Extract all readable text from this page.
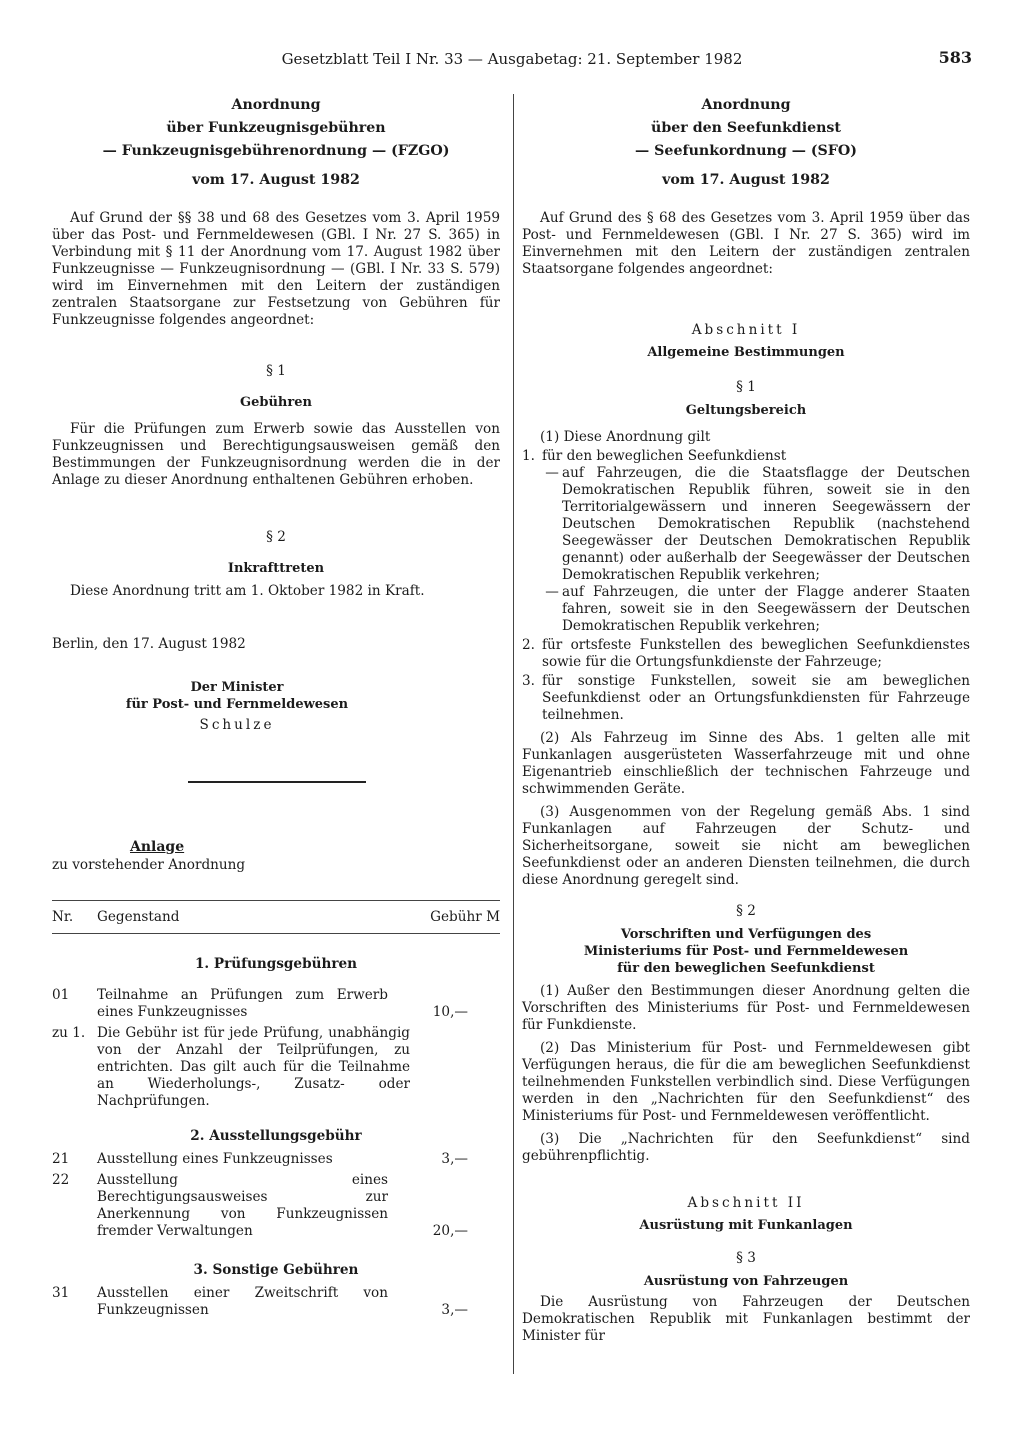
Gesetzblatt Teil I Nr. 33 — Ausgabetag: 21. September 1982	583

Anordnung

über Funkzeugnisgebühren

— Funkzeugnisgebührenordnung — (FZGO)

vom 17. August 1982

Auf Grund der §§ 38 und 68 des Gesetzes vom 3. April 1959 über das Post- und Fernmeldewesen (GBl. I Nr. 27 S. 365) in Verbindung mit § 11 der Anordnung vom 17. August 1982 über Funkzeugnisse — Funkzeugnisordnung — (GBl. I Nr. 33 S. 579) wird im Einvernehmen mit den Leitern der zuständigen zentralen Staatsorgane zur Festsetzung von Gebühren für Funkzeugnisse folgendes angeordnet:

§ 1

Gebühren

Für die Prüfungen zum Erwerb sowie das Ausstellen von Funkzeugnissen und Berechtigungsausweisen gemäß den Bestimmungen der Funkzeugnisordnung werden die in der Anlage zu dieser Anordnung enthaltenen Gebühren erhoben.

§ 2

Inkrafttreten

Diese Anordnung tritt am 1. Oktober 1982 in Kraft.

Berlin, den 17. August 1982

Der Minister

für Post- und Fernmeldewesen

Schulze

Anlage

zu vorstehender Anordnung

Nr.	Gegenstand	Gebühr M

1. Prüfungsgebühren

01	Teilnahme an Prüfungen zum Erwerb eines Funkzeugnisses	10,—
zu 1. Die Gebühr ist für jede Prüfung, unabhängig von der Anzahl der Teilprüfungen, zu entrichten. Das gilt auch für die Teilnahme an Wiederholungs-, Zusatz- oder Nachprüfungen.

2. Ausstellungsgebühr

21	Ausstellung eines Funkzeugnisses	3,—
22	Ausstellung eines Berechtigungsausweises zur Anerkennung von Funkzeugnissen fremder Verwaltungen	20,—

3. Sonstige Gebühren

31	Ausstellen einer Zweitschrift von Funkzeugnissen	3,—

Anordnung

über den Seefunkdienst

— Seefunkordnung — (SFO)

vom 17. August 1982

Auf Grund des § 68 des Gesetzes vom 3. April 1959 über das Post- und Fernmeldewesen (GBl. I Nr. 27 S. 365) wird im Einvernehmen mit den Leitern der zuständigen zentralen Staatsorgane folgendes angeordnet:

Abschnitt I

Allgemeine Bestimmungen

§ 1

Geltungsbereich

(1) Diese Anordnung gilt

1. für den beweglichen Seefunkdienst
— auf Fahrzeugen, die die Staatsflagge der Deutschen Demokratischen Republik führen, soweit sie in den Territorialgewässern und inneren Seegewässern der Deutschen Demokratischen Republik (nachstehend Seegewässer der Deutschen Demokratischen Republik genannt) oder außerhalb der Seegewässer der Deutschen Demokratischen Republik verkehren;
— auf Fahrzeugen, die unter der Flagge anderer Staaten fahren, soweit sie in den Seegewässern der Deutschen Demokratischen Republik verkehren;
2. für ortsfeste Funkstellen des beweglichen Seefunkdienstes sowie für die Ortungsfunkdienste der Fahrzeuge;
3. für sonstige Funkstellen, soweit sie am beweglichen Seefunkdienst oder an Ortungsfunkdiensten für Fahrzeuge teilnehmen.

(2) Als Fahrzeug im Sinne des Abs. 1 gelten alle mit Funkanlagen ausgerüsteten Wasserfahrzeuge mit und ohne Eigenantrieb einschließlich der technischen Fahrzeuge und schwimmenden Geräte.

(3) Ausgenommen von der Regelung gemäß Abs. 1 sind Funkanlagen auf Fahrzeugen der Schutz- und Sicherheitsorgane, soweit sie nicht am beweglichen Seefunkdienst oder an anderen Diensten teilnehmen, die durch diese Anordnung geregelt sind.

§ 2

Vorschriften und Verfügungen des

Ministeriums für Post- und Fernmeldewesen

für den beweglichen Seefunkdienst

(1) Außer den Bestimmungen dieser Anordnung gelten die Vorschriften des Ministeriums für Post- und Fernmeldewesen für Funkdienste.

(2) Das Ministerium für Post- und Fernmeldewesen gibt Verfügungen heraus, die für die am beweglichen Seefunkdienst teilnehmenden Funkstellen verbindlich sind. Diese Verfügungen werden in den „Nachrichten für den Seefunkdienst“ des Ministeriums für Post- und Fernmeldewesen veröffentlicht.

(3) Die „Nachrichten für den Seefunkdienst“ sind gebührenpflichtig.

Abschnitt II

Ausrüstung mit Funkanlagen

§ 3

Ausrüstung von Fahrzeugen

Die Ausrüstung von Fahrzeugen der Deutschen Demokratischen Republik mit Funkanlagen bestimmt der Minister für
